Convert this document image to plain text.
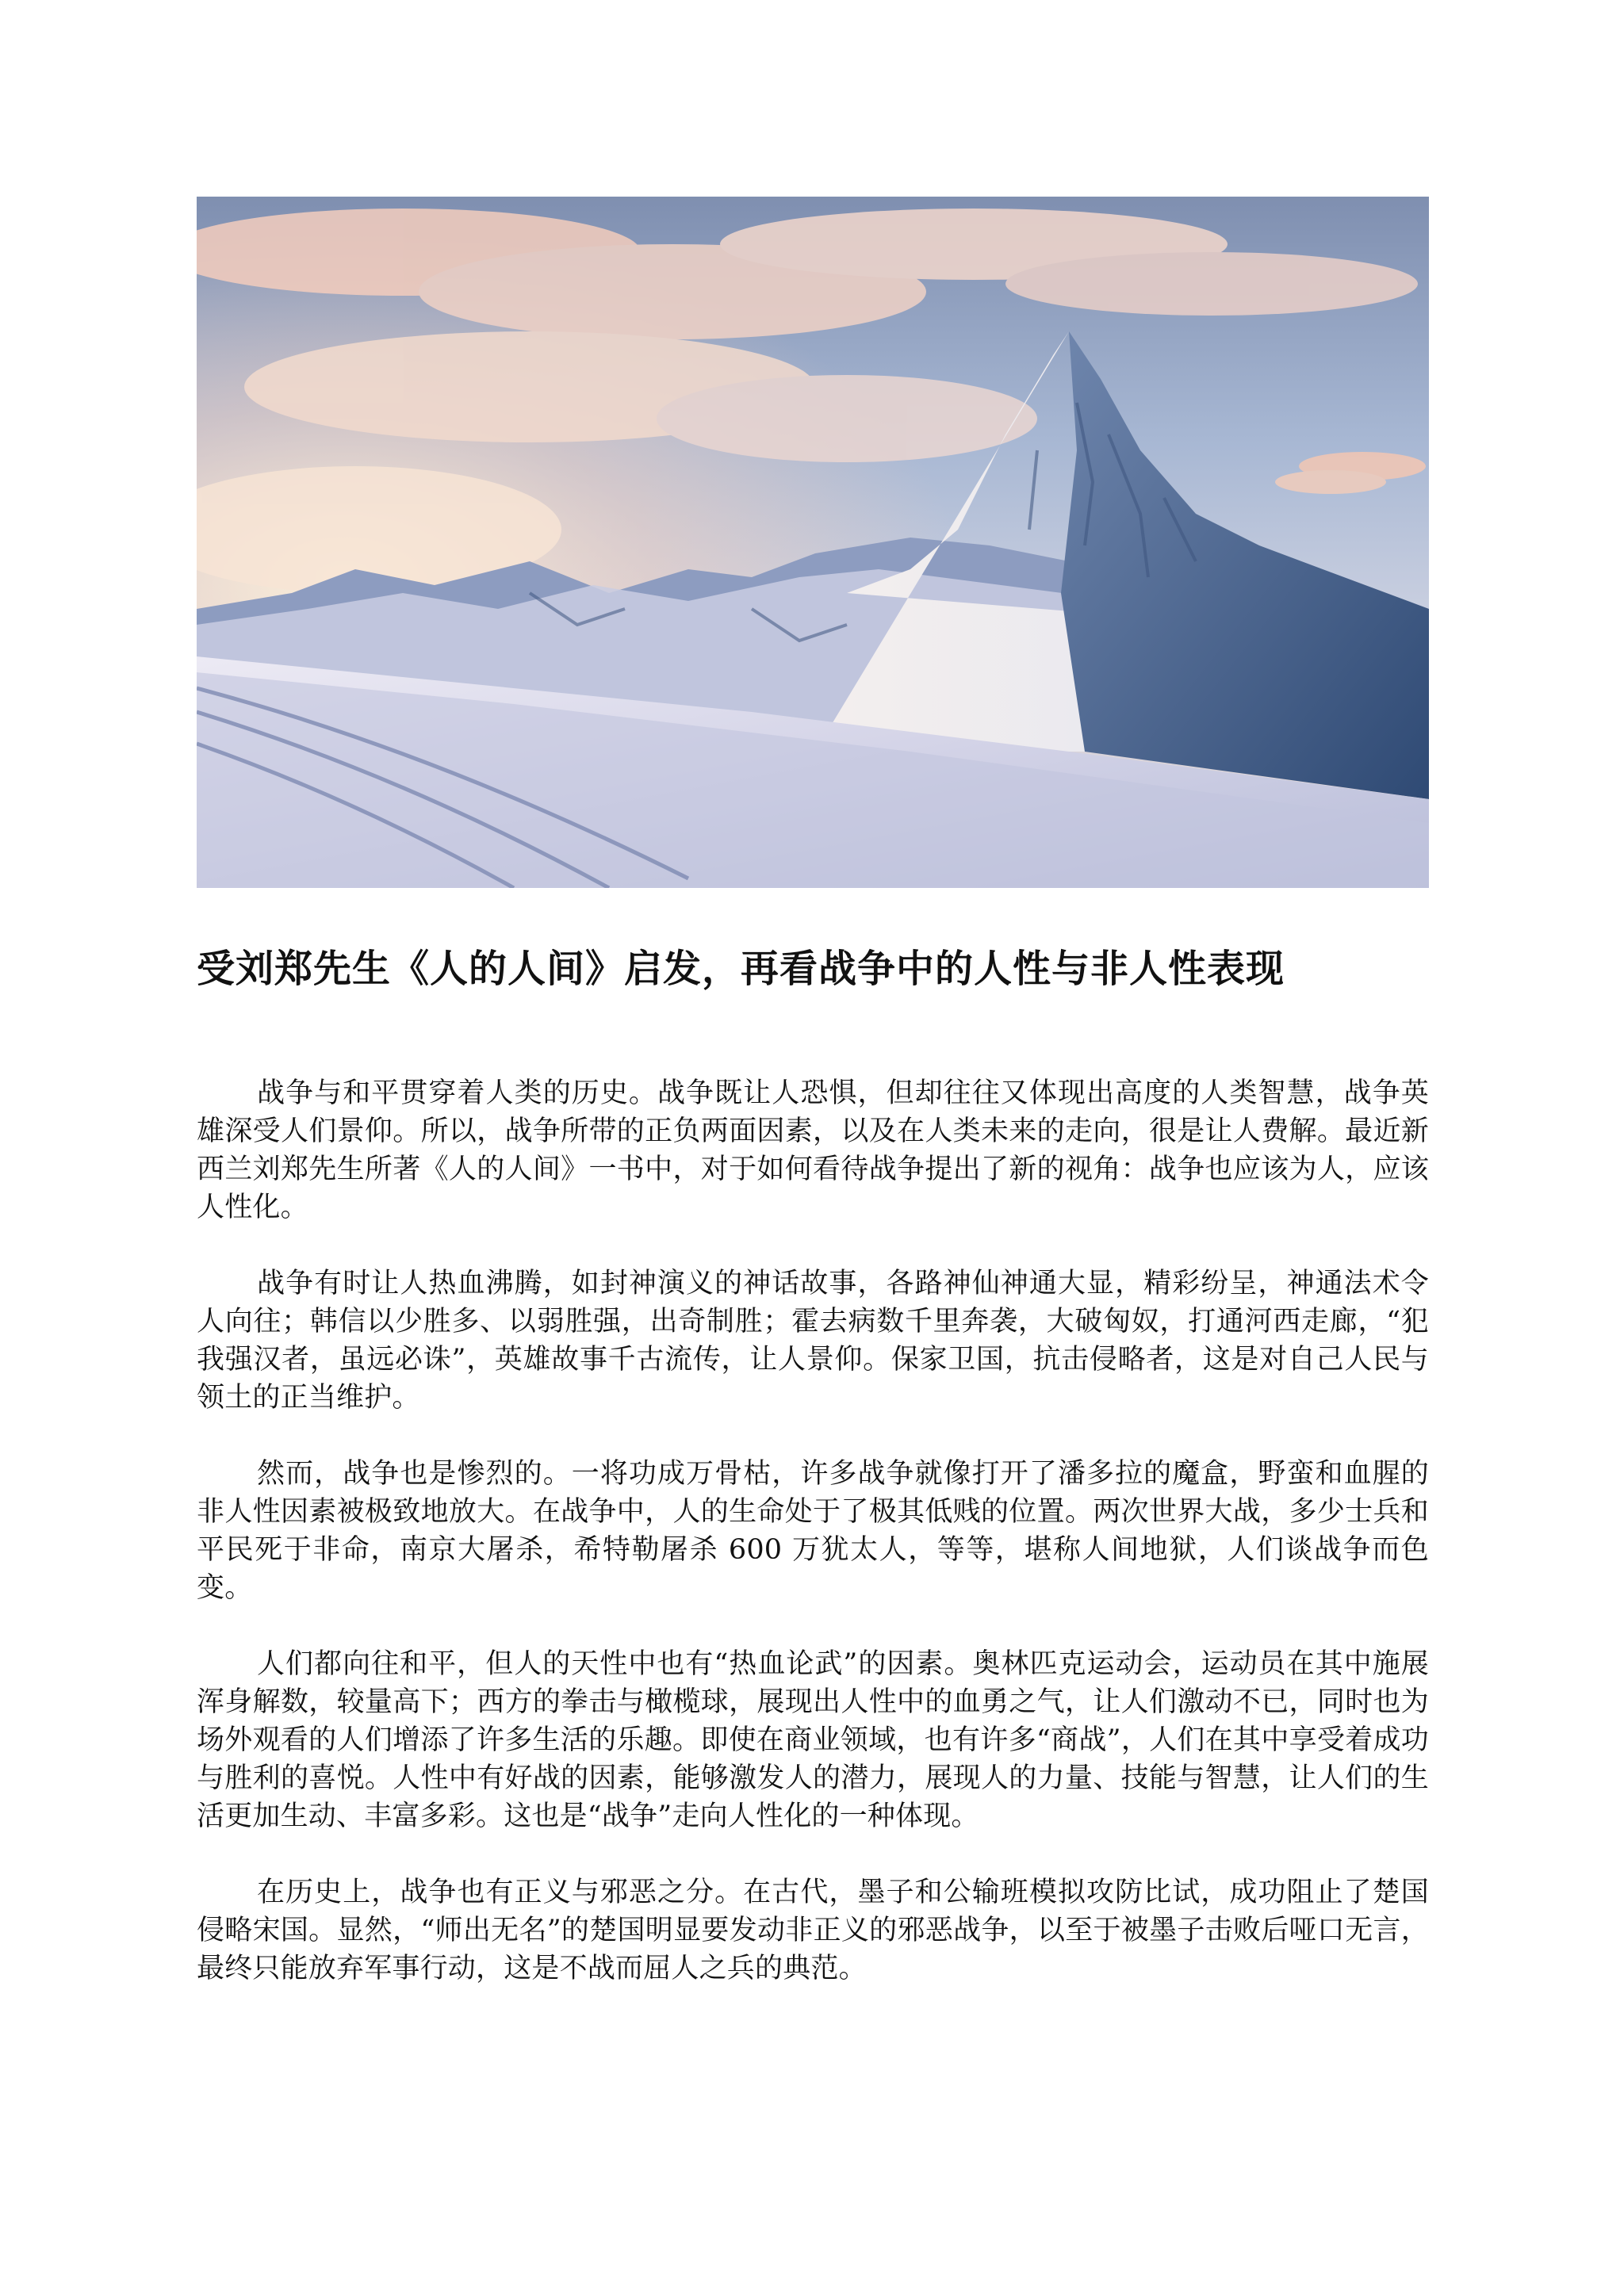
受刘郑先生《人的人间》启发，再看战争中的人性与非人性表现

战争与和平贯穿着人类的历史。战争既让人恐惧，但却往往又体现出高度的人类智慧，战争英雄深受人们景仰。所以，战争所带的正负两面因素，以及在人类未来的走向，很是让人费解。最近新西兰刘郑先生所著《人的人间》一书中，对于如何看待战争提出了新的视角：战争也应该为人，应该人性化。

战争有时让人热血沸腾，如封神演义的神话故事，各路神仙神通大显，精彩纷呈，神通法术令人向往；韩信以少胜多、以弱胜强，出奇制胜；霍去病数千里奔袭，大破匈奴，打通河西走廊，“犯我强汉者，虽远必诛”，英雄故事千古流传，让人景仰。保家卫国，抗击侵略者，这是对自己人民与领土的正当维护。

然而，战争也是惨烈的。一将功成万骨枯，许多战争就像打开了潘多拉的魔盒，野蛮和血腥的非人性因素被极致地放大。在战争中，人的生命处于了极其低贱的位置。两次世界大战，多少士兵和平民死于非命，南京大屠杀，希特勒屠杀 600 万犹太人，等等，堪称人间地狱，人们谈战争而色变。

人们都向往和平，但人的天性中也有“热血论武”的因素。奥林匹克运动会，运动员在其中施展浑身解数，较量高下；西方的拳击与橄榄球，展现出人性中的血勇之气，让人们激动不已，同时也为场外观看的人们增添了许多生活的乐趣。即使在商业领域，也有许多“商战”，人们在其中享受着成功与胜利的喜悦。人性中有好战的因素，能够激发人的潜力，展现人的力量、技能与智慧，让人们的生活更加生动、丰富多彩。这也是“战争”走向人性化的一种体现。

在历史上，战争也有正义与邪恶之分。在古代，墨子和公输班模拟攻防比试，成功阻止了楚国侵略宋国。显然，“师出无名”的楚国明显要发动非正义的邪恶战争，以至于被墨子击败后哑口无言，最终只能放弃军事行动，这是不战而屈人之兵的典范。
